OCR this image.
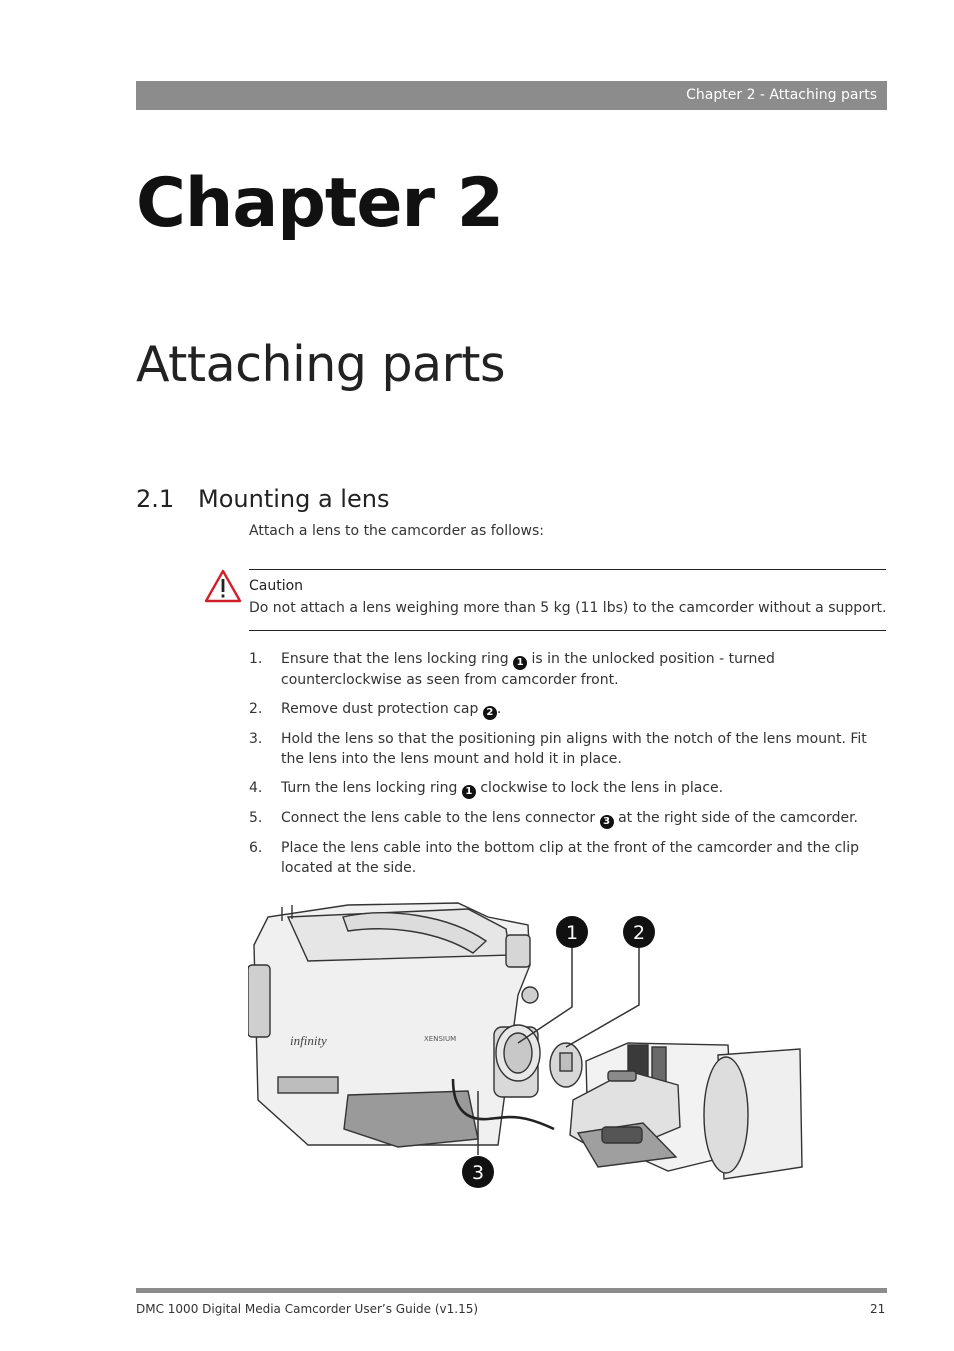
Chapter 2 - Attaching parts
Chapter 2
Attaching parts
2.1 Mounting a lens
Attach a lens to the camcorder as follows:
Caution
Do not attach a lens weighing more than 5 kg (11 lbs) to the camcorder without a support.
1. Ensure that the lens locking ring 1 is in the unlocked position - turned counterclockwise as seen from camcorder front.
2. Remove dust protection cap 2 .
3. Hold the lens so that the positioning pin aligns with the notch of the lens mount. Fit the lens into the lens mount and hold it in place.
4. Turn the lens locking ring 1 clockwise to lock the lens in place.
5. Connect the lens cable to the lens connector 3 at the right side of the camcorder.
6. Place the lens cable into the bottom clip at the front of the camcorder and the clip located at the side.
infinity	XENSIUM
1	2
3
DMC 1000 Digital Media Camcorder User’s Guide (v1.15)	21
